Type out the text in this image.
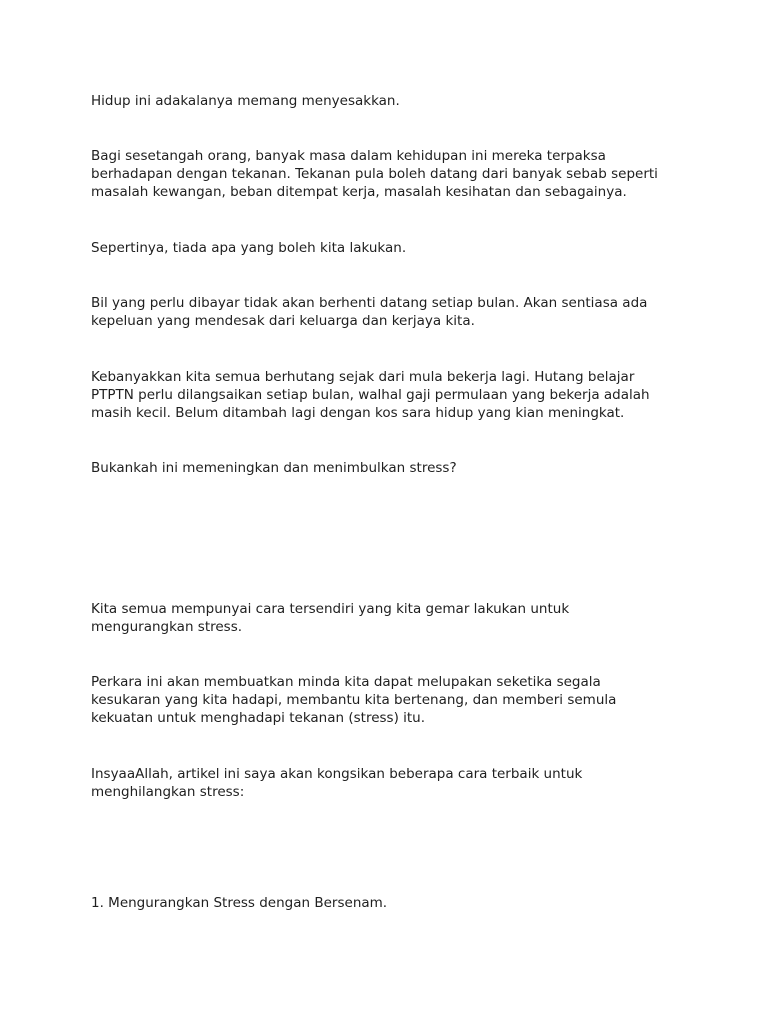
Hidup ini adakalanya memang menyesakkan.

Bagi sesetangah orang, banyak masa dalam kehidupan ini mereka terpaksa
berhadapan dengan tekanan. Tekanan pula boleh datang dari banyak sebab seperti
masalah kewangan, beban ditempat kerja, masalah kesihatan dan sebagainya.

Sepertinya, tiada apa yang boleh kita lakukan.

Bil yang perlu dibayar tidak akan berhenti datang setiap bulan. Akan sentiasa ada
kepeluan yang mendesak dari keluarga dan kerjaya kita.

Kebanyakkan kita semua berhutang sejak dari mula bekerja lagi. Hutang belajar
PTPTN perlu dilangsaikan setiap bulan, walhal gaji permulaan yang bekerja adalah
masih kecil. Belum ditambah lagi dengan kos sara hidup yang kian meningkat.

Bukankah ini memeningkan dan menimbulkan stress?

Kita semua mempunyai cara tersendiri yang kita gemar lakukan untuk
mengurangkan stress.

Perkara ini akan membuatkan minda kita dapat melupakan seketika segala
kesukaran yang kita hadapi, membantu kita bertenang, dan memberi semula
kekuatan untuk menghadapi tekanan (stress) itu.

InsyaaAllah, artikel ini saya akan kongsikan beberapa cara terbaik untuk
menghilangkan stress:

1. Mengurangkan Stress dengan Bersenam.
